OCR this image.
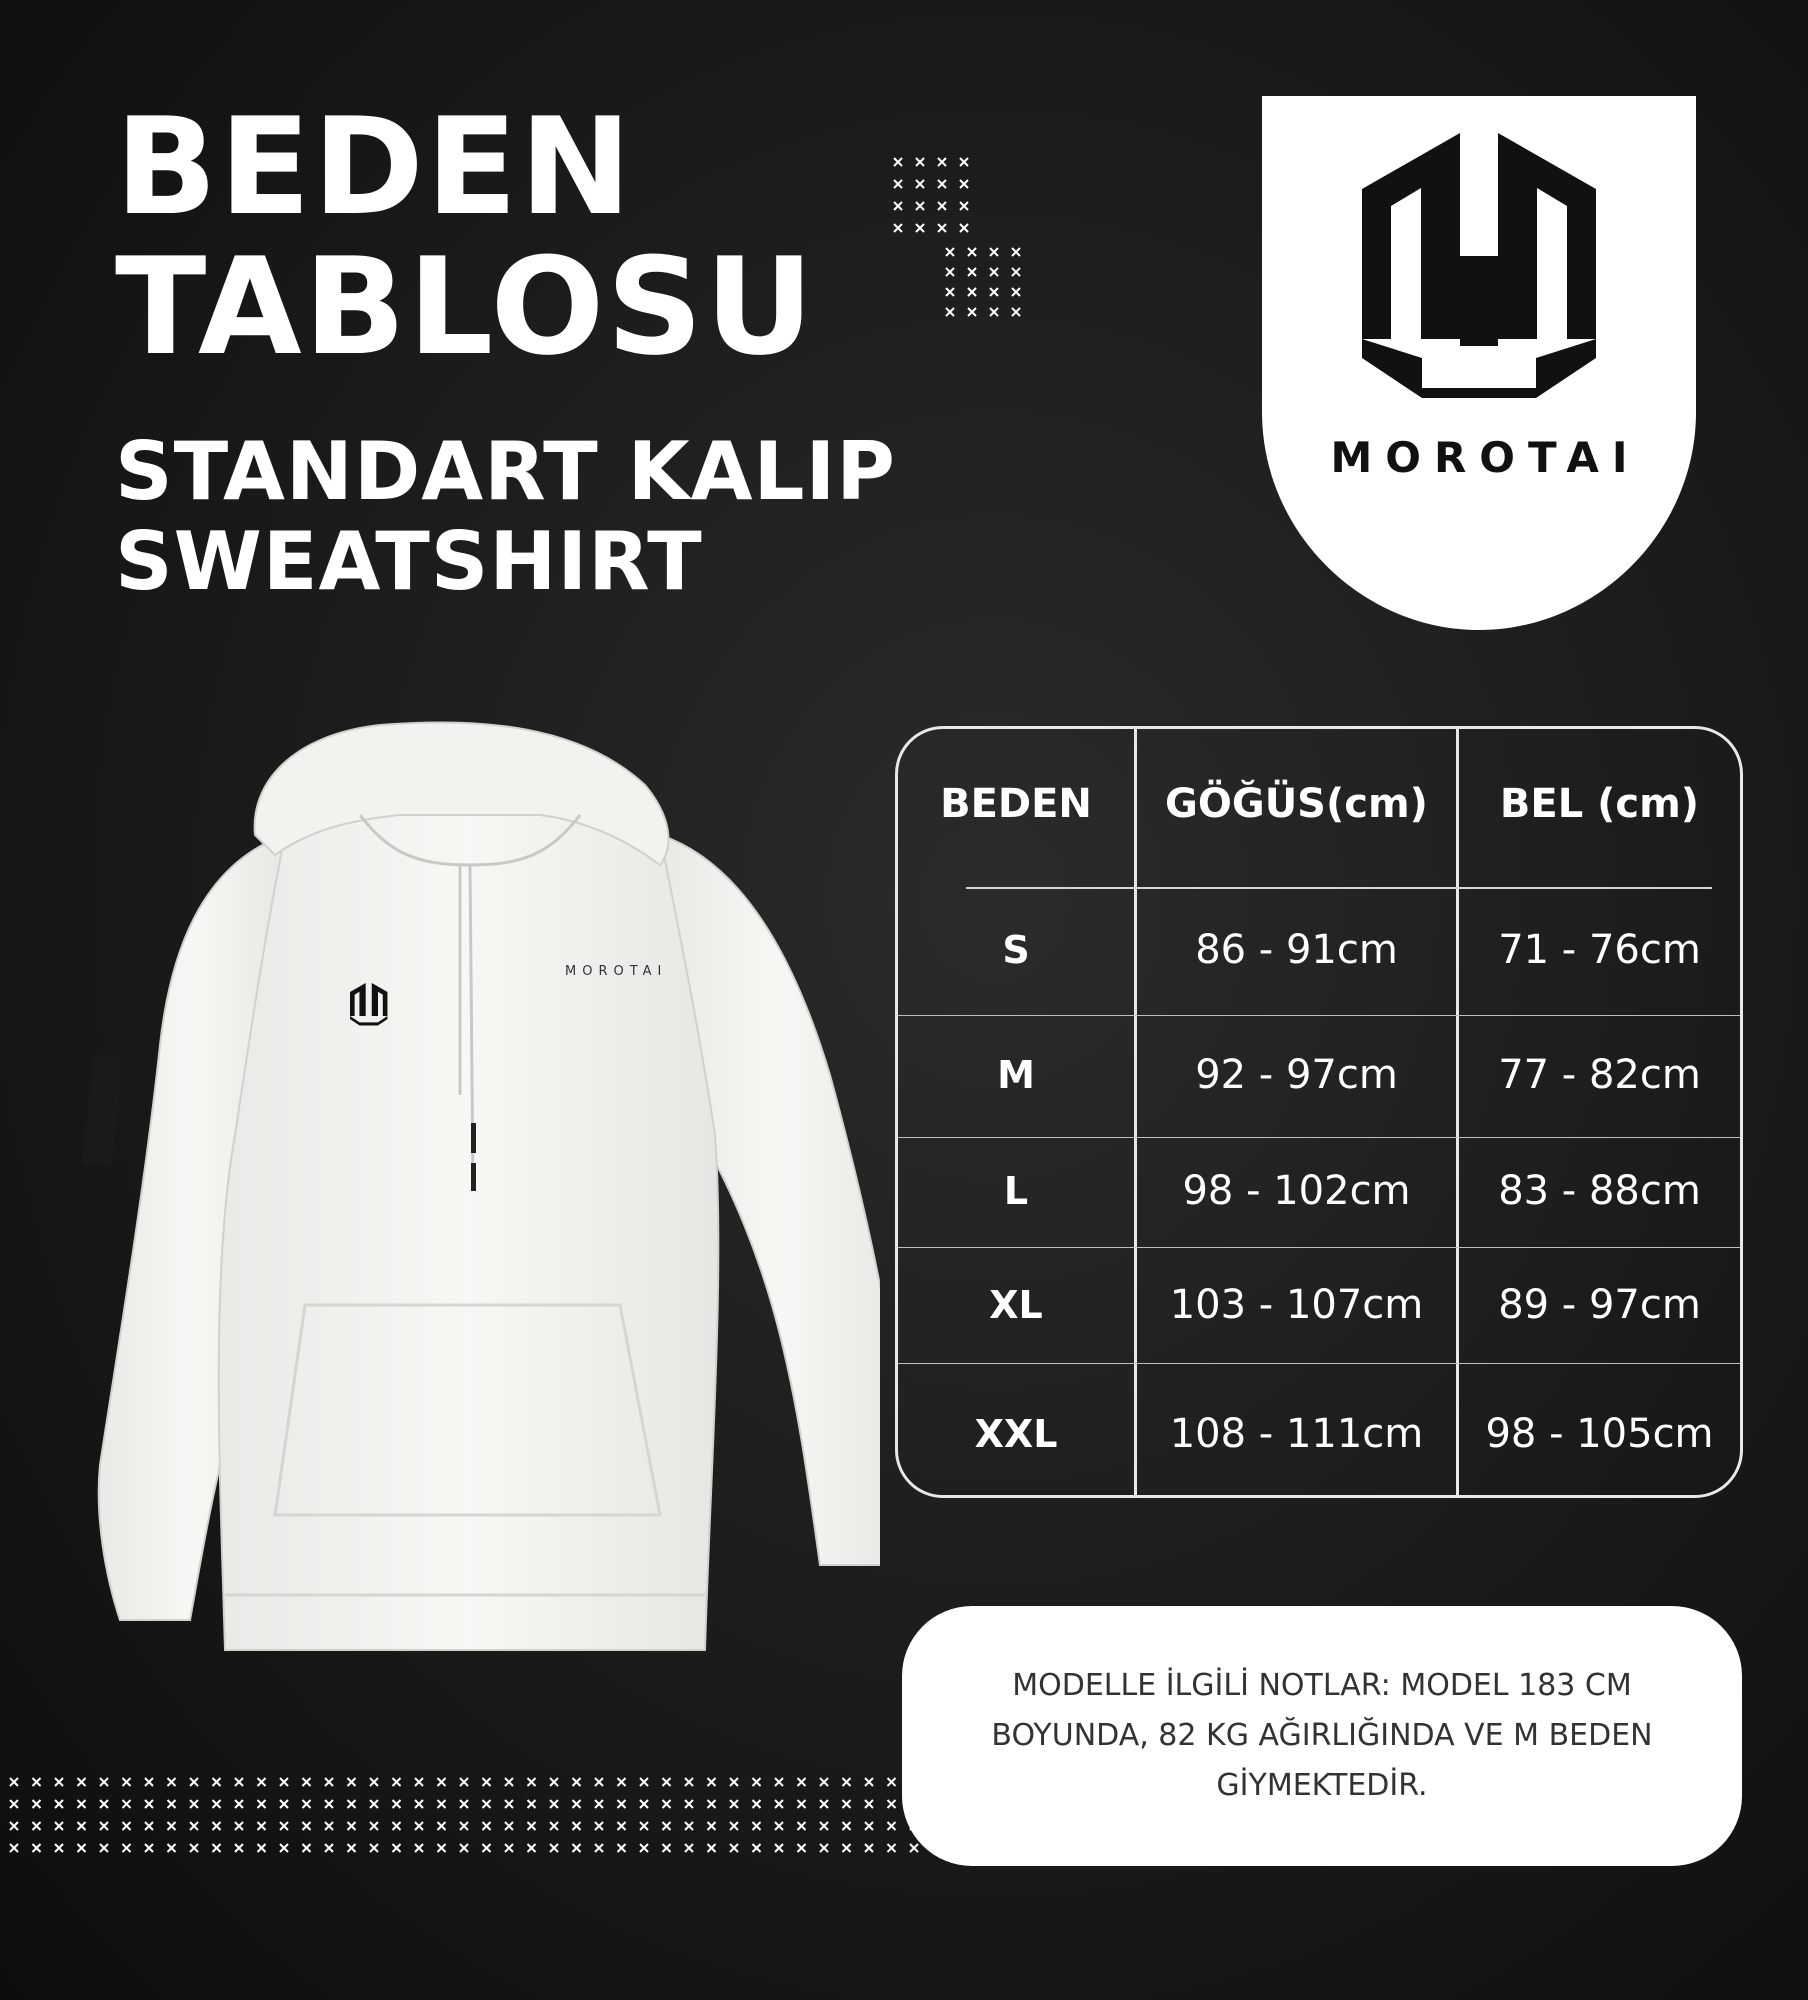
BEDEN
TABLOSU
STANDART KALIP
SWEATSHIRT
MOROTAI
MOROTAI
BEDEN	GÖĞÜS(cm)	BEL (cm)
S	86 - 91cm	71 - 76cm
M	92 - 97cm	77 - 82cm
L	98 - 102cm	83 - 88cm
XL	103 - 107cm	89 - 97cm
XXL	108 - 111cm	98 - 105cm
MODELLE İLGİLİ NOTLAR: MODEL 183 CM
BOYUNDA, 82 KG AĞIRLIĞINDA VE M BEDEN
GİYMEKTEDİR.
